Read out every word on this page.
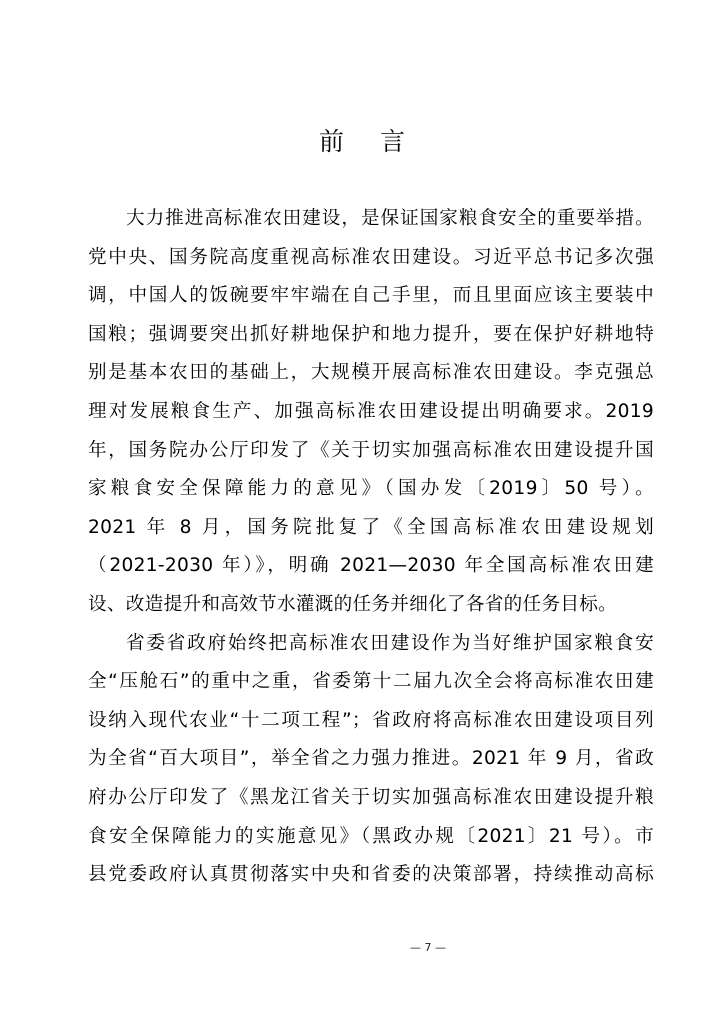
前 言
大力推进高标准农田建设，是保证国家粮食安全的重要举措。
党中央、国务院高度重视高标准农田建设。习近平总书记多次强
调，中国人的饭碗要牢牢端在自己手里，而且里面应该主要装中
国粮；强调要突出抓好耕地保护和地力提升，要在保护好耕地特
别是基本农田的基础上，大规模开展高标准农田建设。李克强总
理对发展粮食生产、加强高标准农田建设提出明确要求。2019
年，国务院办公厅印发了《关于切实加强高标准农田建设提升国
家粮食安全保障能力的意见》（国办发〔2019〕50 号）。
2021 年 8 月，国务院批复了《全国高标准农田建设规划
（2021-2030 年）》，明确 2021—2030 年全国高标准农田建
设、改造提升和高效节水灌溉的任务并细化了各省的任务目标。
省委省政府始终把高标准农田建设作为当好维护国家粮食安
全“压舱石”的重中之重，省委第十二届九次全会将高标准农田建
设纳入现代农业“十二项工程”；省政府将高标准农田建设项目列
为全省“百大项目”，举全省之力强力推进。2021 年 9 月，省政
府办公厅印发了《黑龙江省关于切实加强高标准农田建设提升粮
食安全保障能力的实施意见》（黑政办规〔2021〕21 号）。市
县党委政府认真贯彻落实中央和省委的决策部署，持续推动高标
— 7 —
